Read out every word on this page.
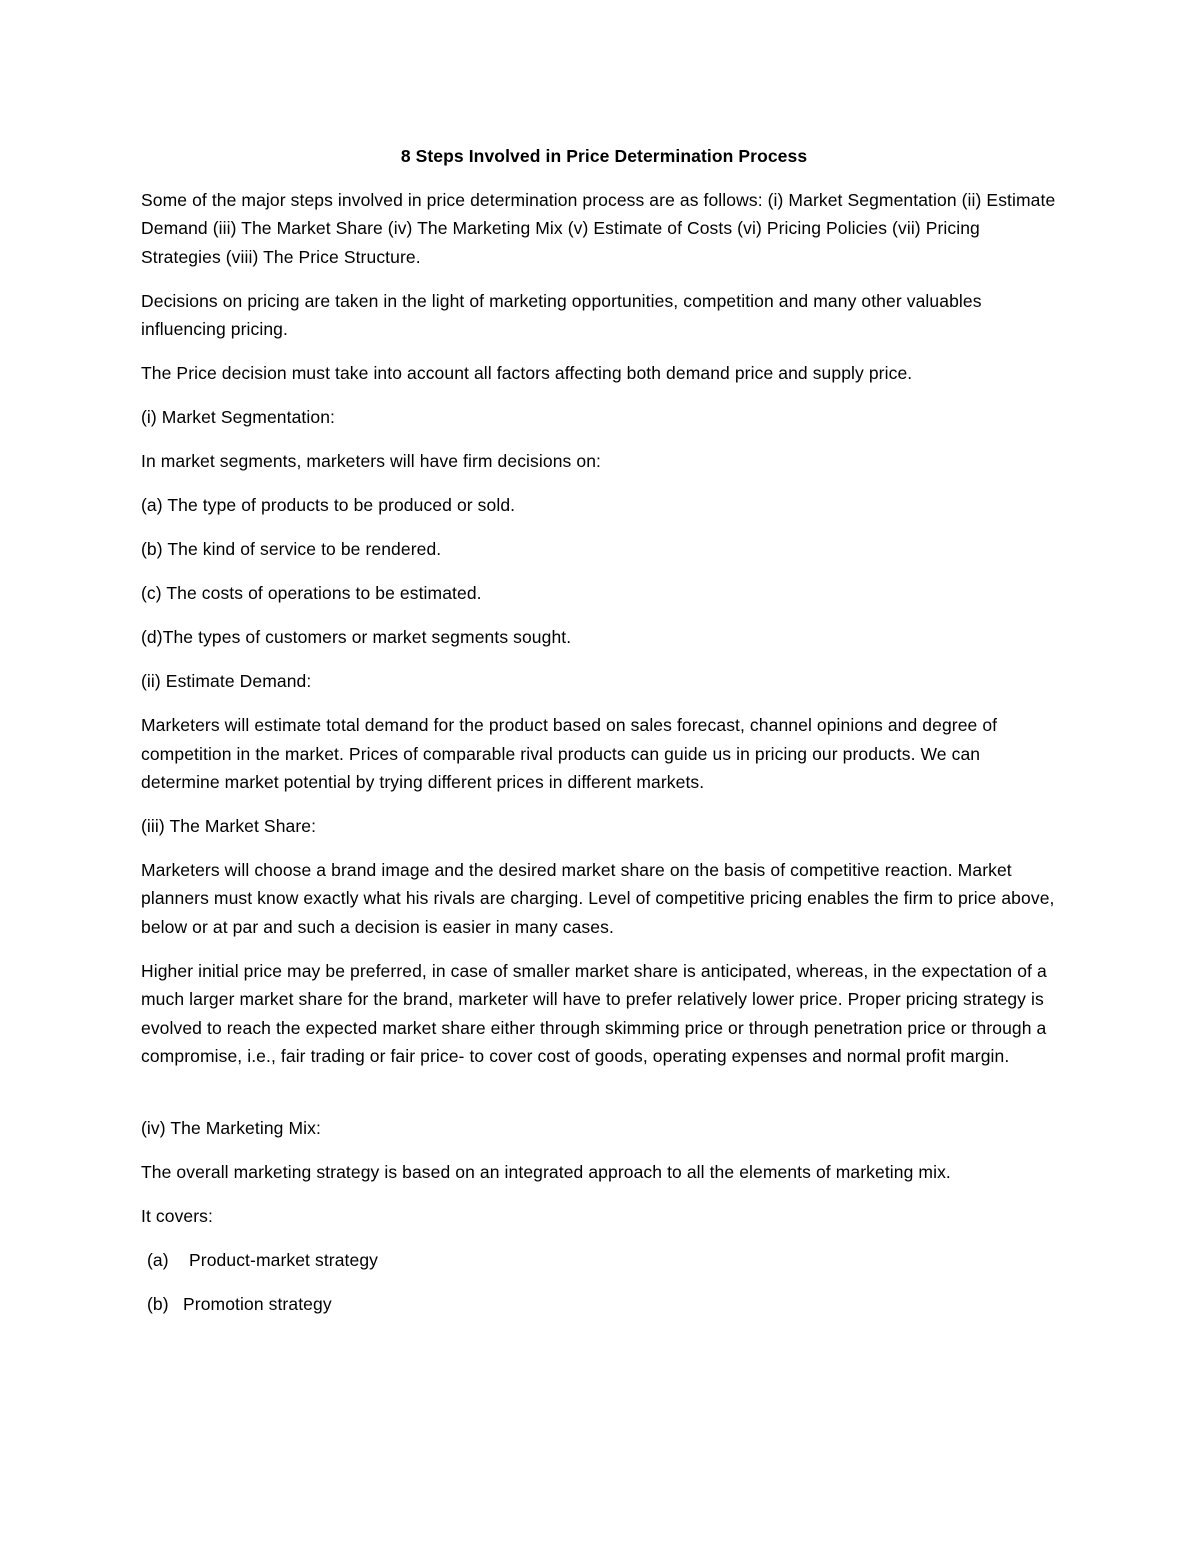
8 Steps Involved in Price Determination Process

Some of the major steps involved in price determination process are as follows: (i) Market Segmentation (ii) Estimate Demand (iii) The Market Share (iv) The Marketing Mix (v) Estimate of Costs (vi) Pricing Policies (vii) Pricing Strategies (viii) The Price Structure.

Decisions on pricing are taken in the light of marketing opportunities, competition and many other valuables influencing pricing.

The Price decision must take into account all factors affecting both demand price and supply price.

(i) Market Segmentation:

In market segments, marketers will have firm decisions on:

(a) The type of products to be produced or sold.

(b) The kind of service to be rendered.

(c) The costs of operations to be estimated.

(d)The types of customers or market segments sought.

(ii) Estimate Demand:

Marketers will estimate total demand for the product based on sales forecast, channel opinions and degree of competition in the market. Prices of comparable rival products can guide us in pricing our products. We can determine market potential by trying different prices in different markets.

(iii) The Market Share:

Marketers will choose a brand image and the desired market share on the basis of competitive reaction. Market planners must know exactly what his rivals are charging. Level of competitive pricing enables the firm to price above, below or at par and such a decision is easier in many cases.

Higher initial price may be preferred, in case of smaller market share is anticipated, whereas, in the expectation of a much larger market share for the brand, marketer will have to prefer relatively lower price. Proper pricing strategy is evolved to reach the expected market share either through skimming price or through penetration price or through a compromise, i.e., fair trading or fair price- to cover cost of goods, operating expenses and normal profit margin.

(iv) The Marketing Mix:

The overall marketing strategy is based on an integrated approach to all the elements of marketing mix.

It covers:

(a)	Product-market strategy
(b) Promotion strategy
